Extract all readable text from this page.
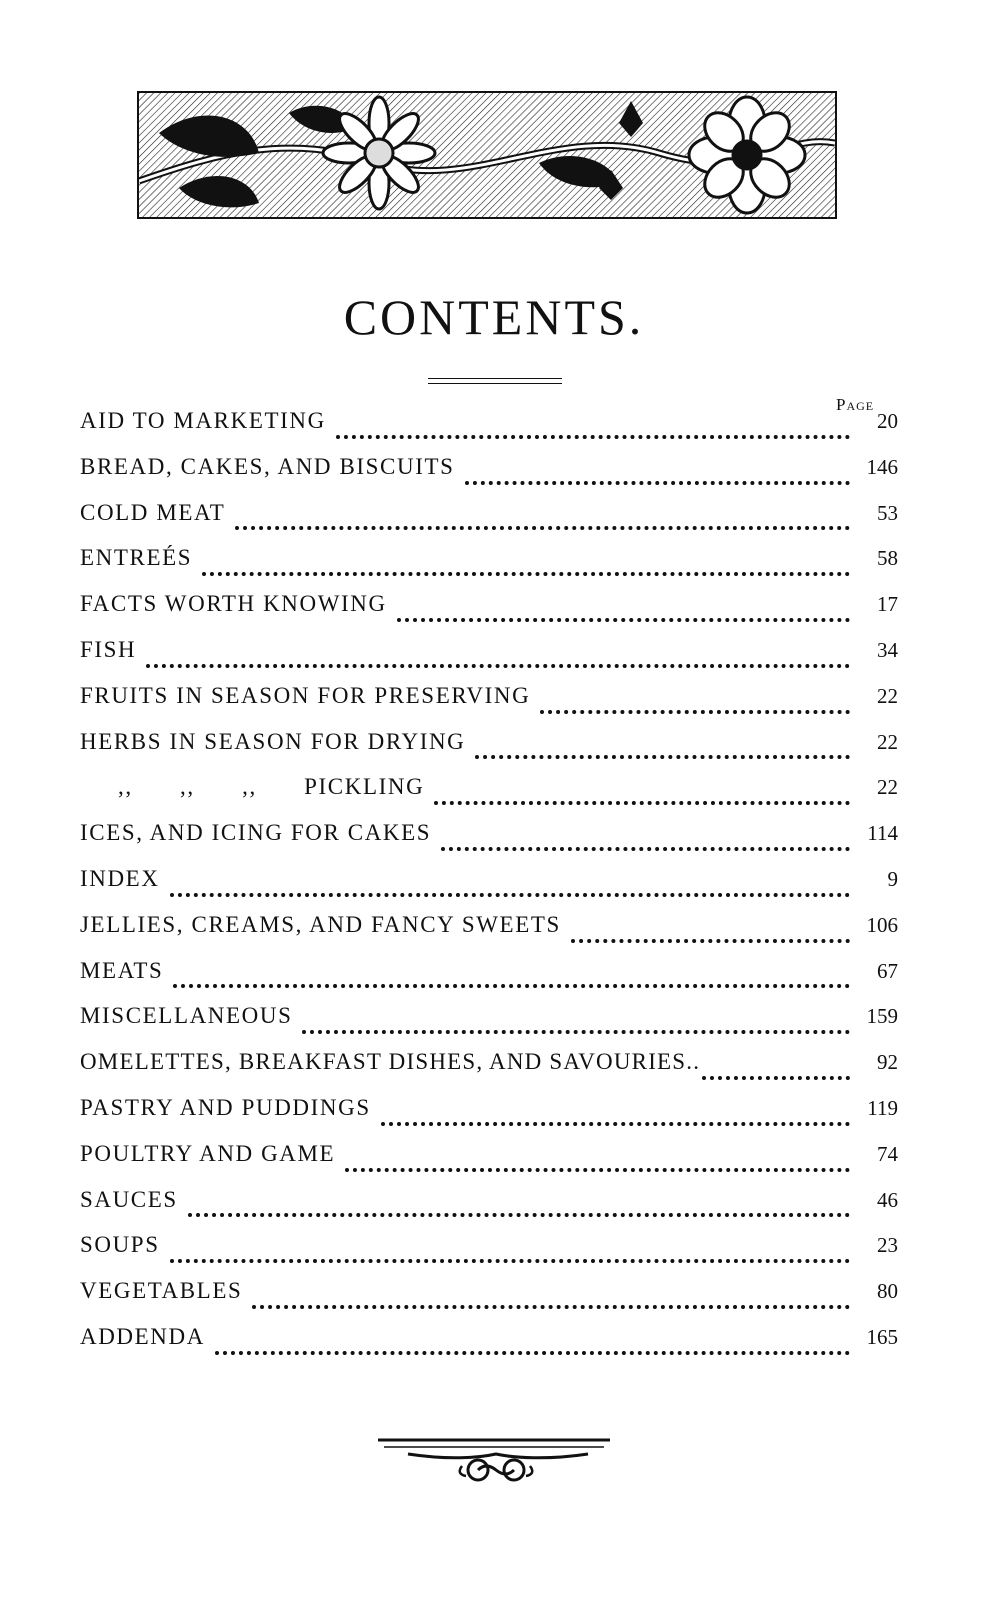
CONTENTS.
Page
AID TO MARKETING	20
BREAD, CAKES, AND BISCUITS	146
COLD MEAT	53
ENTREÉS	58
FACTS WORTH KNOWING	17
FISH	34
FRUITS IN SEASON FOR PRESERVING	22
HERBS IN SEASON FOR DRYING	22
,, ,, ,, PICKLING	22
ICES, AND ICING FOR CAKES	114
INDEX	9
JELLIES, CREAMS, AND FANCY SWEETS	106
MEATS	67
MISCELLANEOUS	159
OMELETTES, BREAKFAST DISHES, AND SAVOURIES..	92
PASTRY AND PUDDINGS	119
POULTRY AND GAME	74
SAUCES	46
SOUPS	23
VEGETABLES	80
ADDENDA	165
